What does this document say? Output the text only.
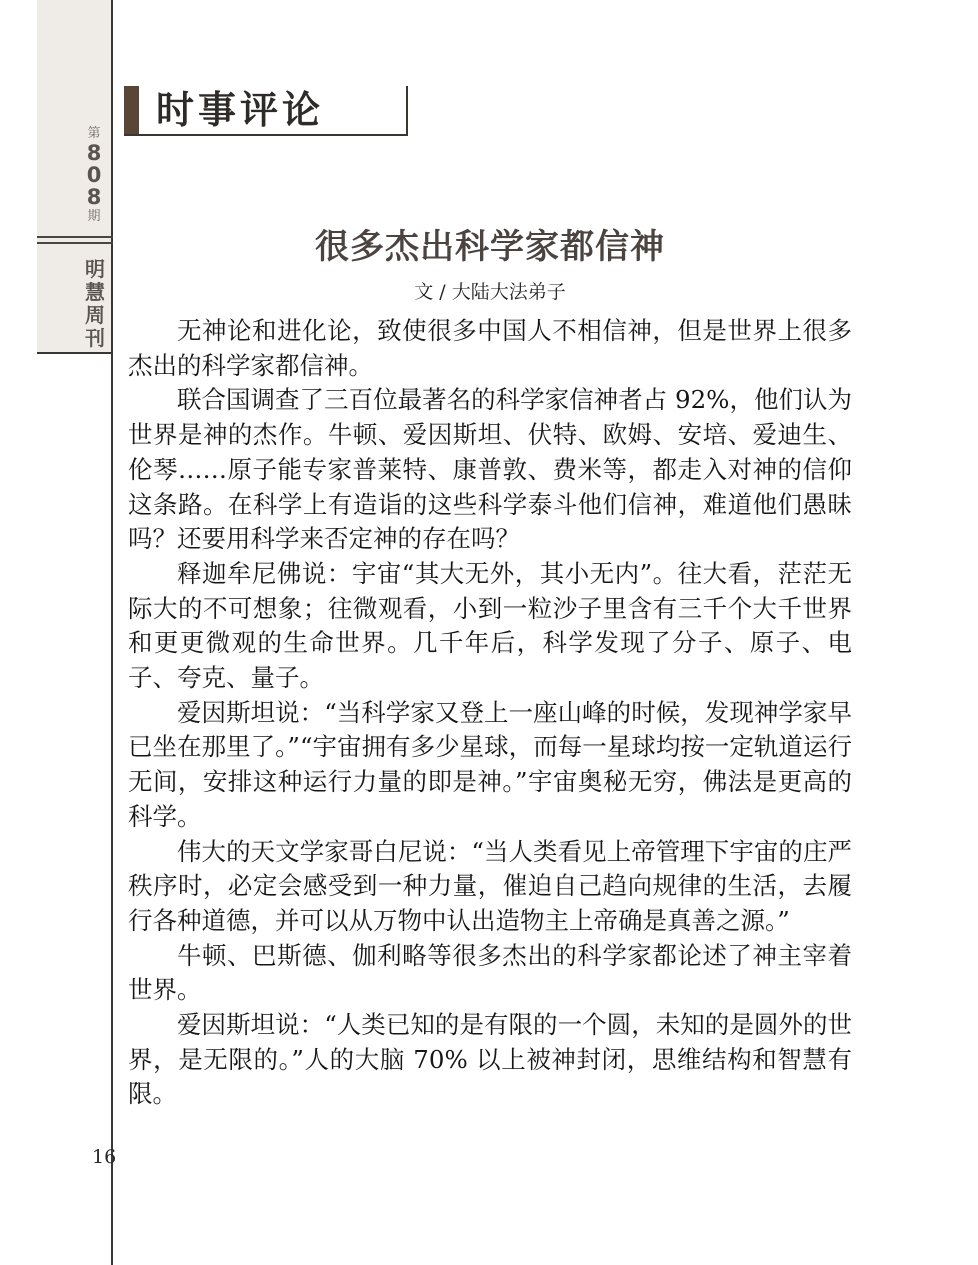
第
8
0
8
期
明慧周刊
时事评论
很多杰出科学家都信神
文 / 大陆大法弟子

无神论和进化论，致使很多中国人不相信神，但是世界上很多杰出的科学家都信神。

联合国调查了三百位最著名的科学家信神者占 92%，他们认为世界是神的杰作。牛顿、爱因斯坦、伏特、欧姆、安培、爱迪生、伦琴……原子能专家普莱特、康普敦、费米等，都走入对神的信仰这条路。在科学上有造诣的这些科学泰斗他们信神，难道他们愚昧吗？还要用科学来否定神的存在吗？

释迦牟尼佛说：宇宙“其大无外，其小无内”。往大看，茫茫无际大的不可想象；往微观看，小到一粒沙子里含有三千个大千世界和更更微观的生命世界。几千年后，科学发现了分子、原子、电子、夸克、量子。

爱因斯坦说：“当科学家又登上一座山峰的时候，发现神学家早已坐在那里了。”“宇宙拥有多少星球，而每一星球均按一定轨道运行无间，安排这种运行力量的即是神。”宇宙奥秘无穷，佛法是更高的科学。

伟大的天文学家哥白尼说：“当人类看见上帝管理下宇宙的庄严秩序时，必定会感受到一种力量，催迫自己趋向规律的生活，去履行各种道德，并可以从万物中认出造物主上帝确是真善之源。”

牛顿、巴斯德、伽利略等很多杰出的科学家都论述了神主宰着世界。

爱因斯坦说：“人类已知的是有限的一个圆，未知的是圆外的世界，是无限的。”人的大脑 70% 以上被神封闭，思维结构和智慧有限。

16
